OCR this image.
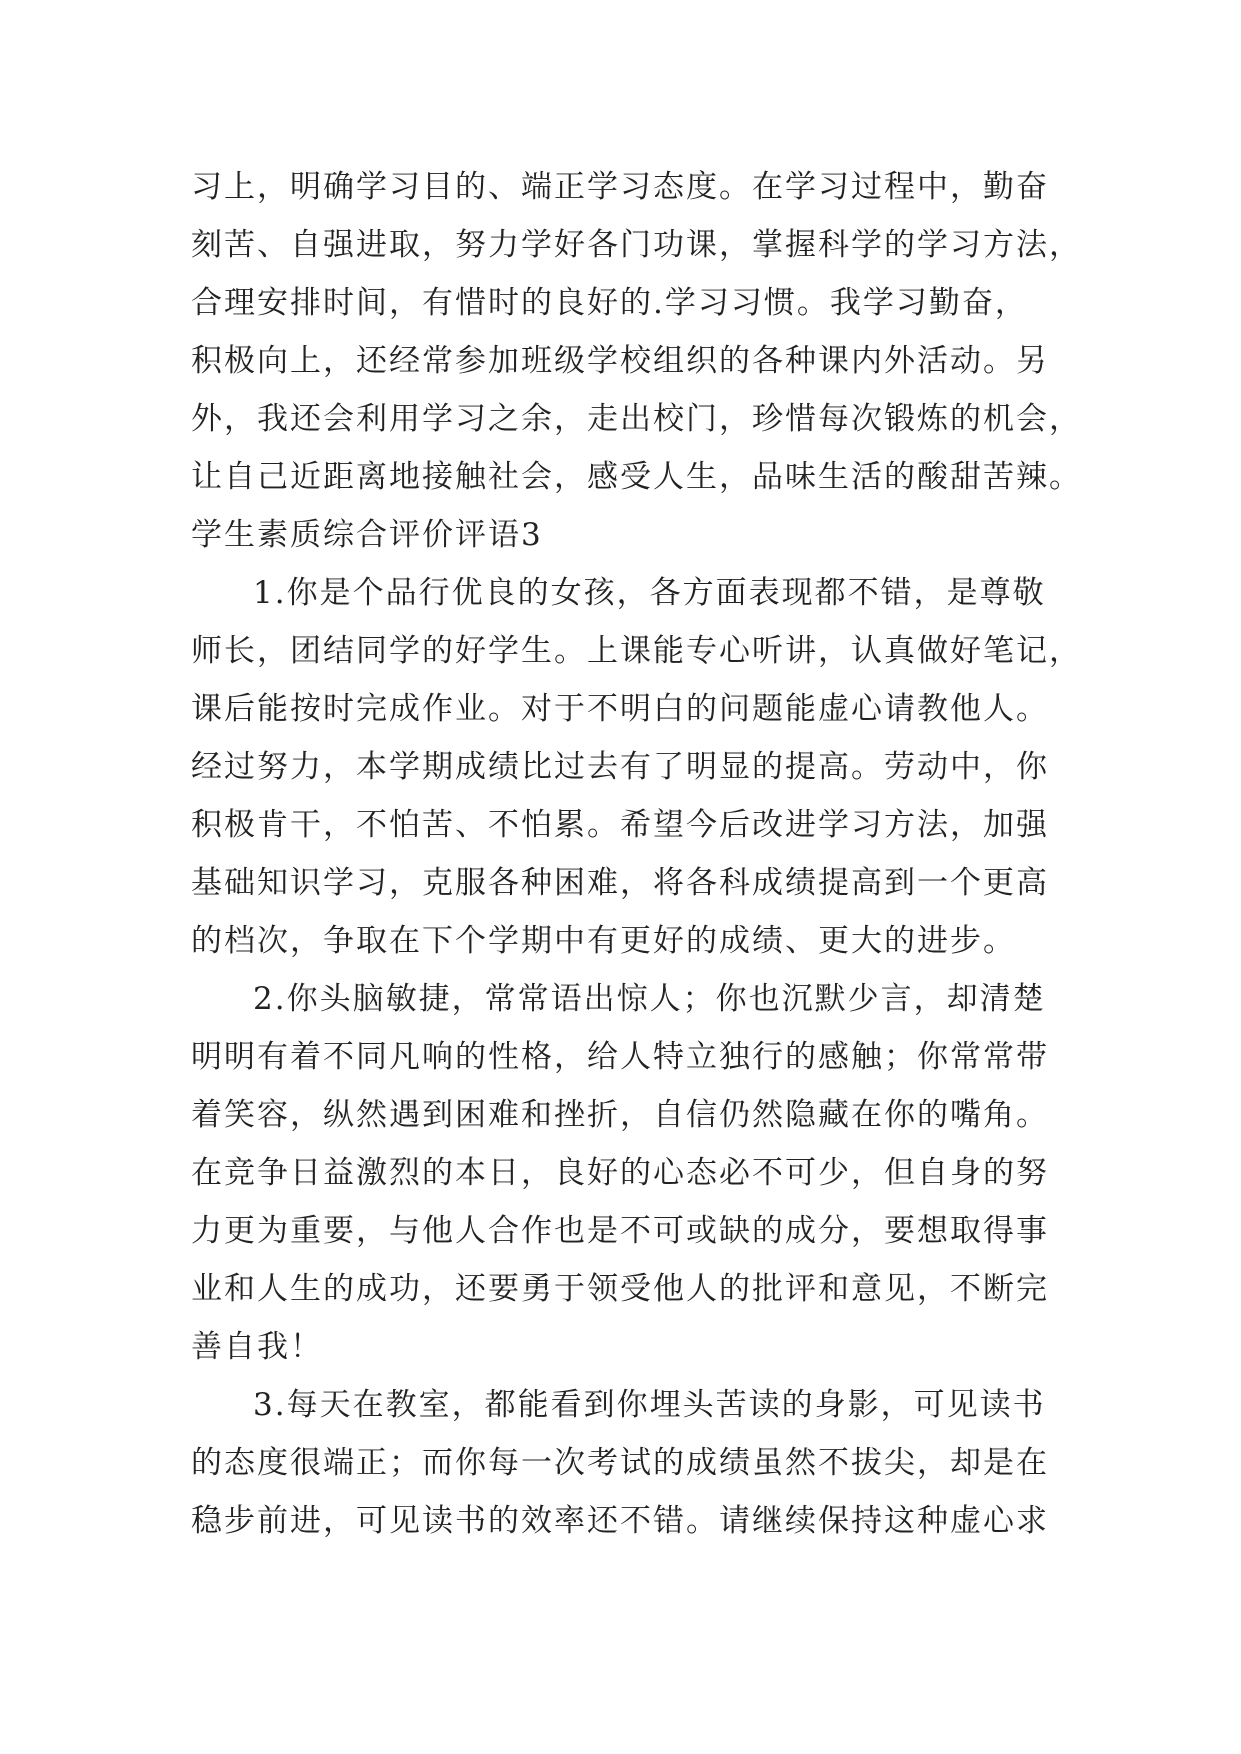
习上，明确学习目的、端正学习态度。在学习过程中，勤奋
刻苦、自强进取，努力学好各门功课，掌握科学的学习方法，
合理安排时间，有惜时的良好的.学习习惯。我学习勤奋，
积极向上，还经常参加班级学校组织的各种课内外活动。另
外，我还会利用学习之余，走出校门，珍惜每次锻炼的机会，
让自己近距离地接触社会，感受人生，品味生活的酸甜苦辣。
学生素质综合评价评语3
1.你是个品行优良的女孩，各方面表现都不错，是尊敬
师长，团结同学的好学生。上课能专心听讲，认真做好笔记，
课后能按时完成作业。对于不明白的问题能虚心请教他人。
经过努力，本学期成绩比过去有了明显的提高。劳动中，你
积极肯干，不怕苦、不怕累。希望今后改进学习方法，加强
基础知识学习，克服各种困难，将各科成绩提高到一个更高
的档次，争取在下个学期中有更好的成绩、更大的进步。
2.你头脑敏捷，常常语出惊人；你也沉默少言，却清楚
明明有着不同凡响的性格，给人特立独行的感触；你常常带
着笑容，纵然遇到困难和挫折，自信仍然隐藏在你的嘴角。
在竞争日益激烈的本日，良好的心态必不可少，但自身的努
力更为重要，与他人合作也是不可或缺的成分，要想取得事
业和人生的成功，还要勇于领受他人的批评和意见，不断完
善自我！
3.每天在教室，都能看到你埋头苦读的身影，可见读书
的态度很端正；而你每一次考试的成绩虽然不拔尖，却是在
稳步前进，可见读书的效率还不错。请继续保持这种虚心求
